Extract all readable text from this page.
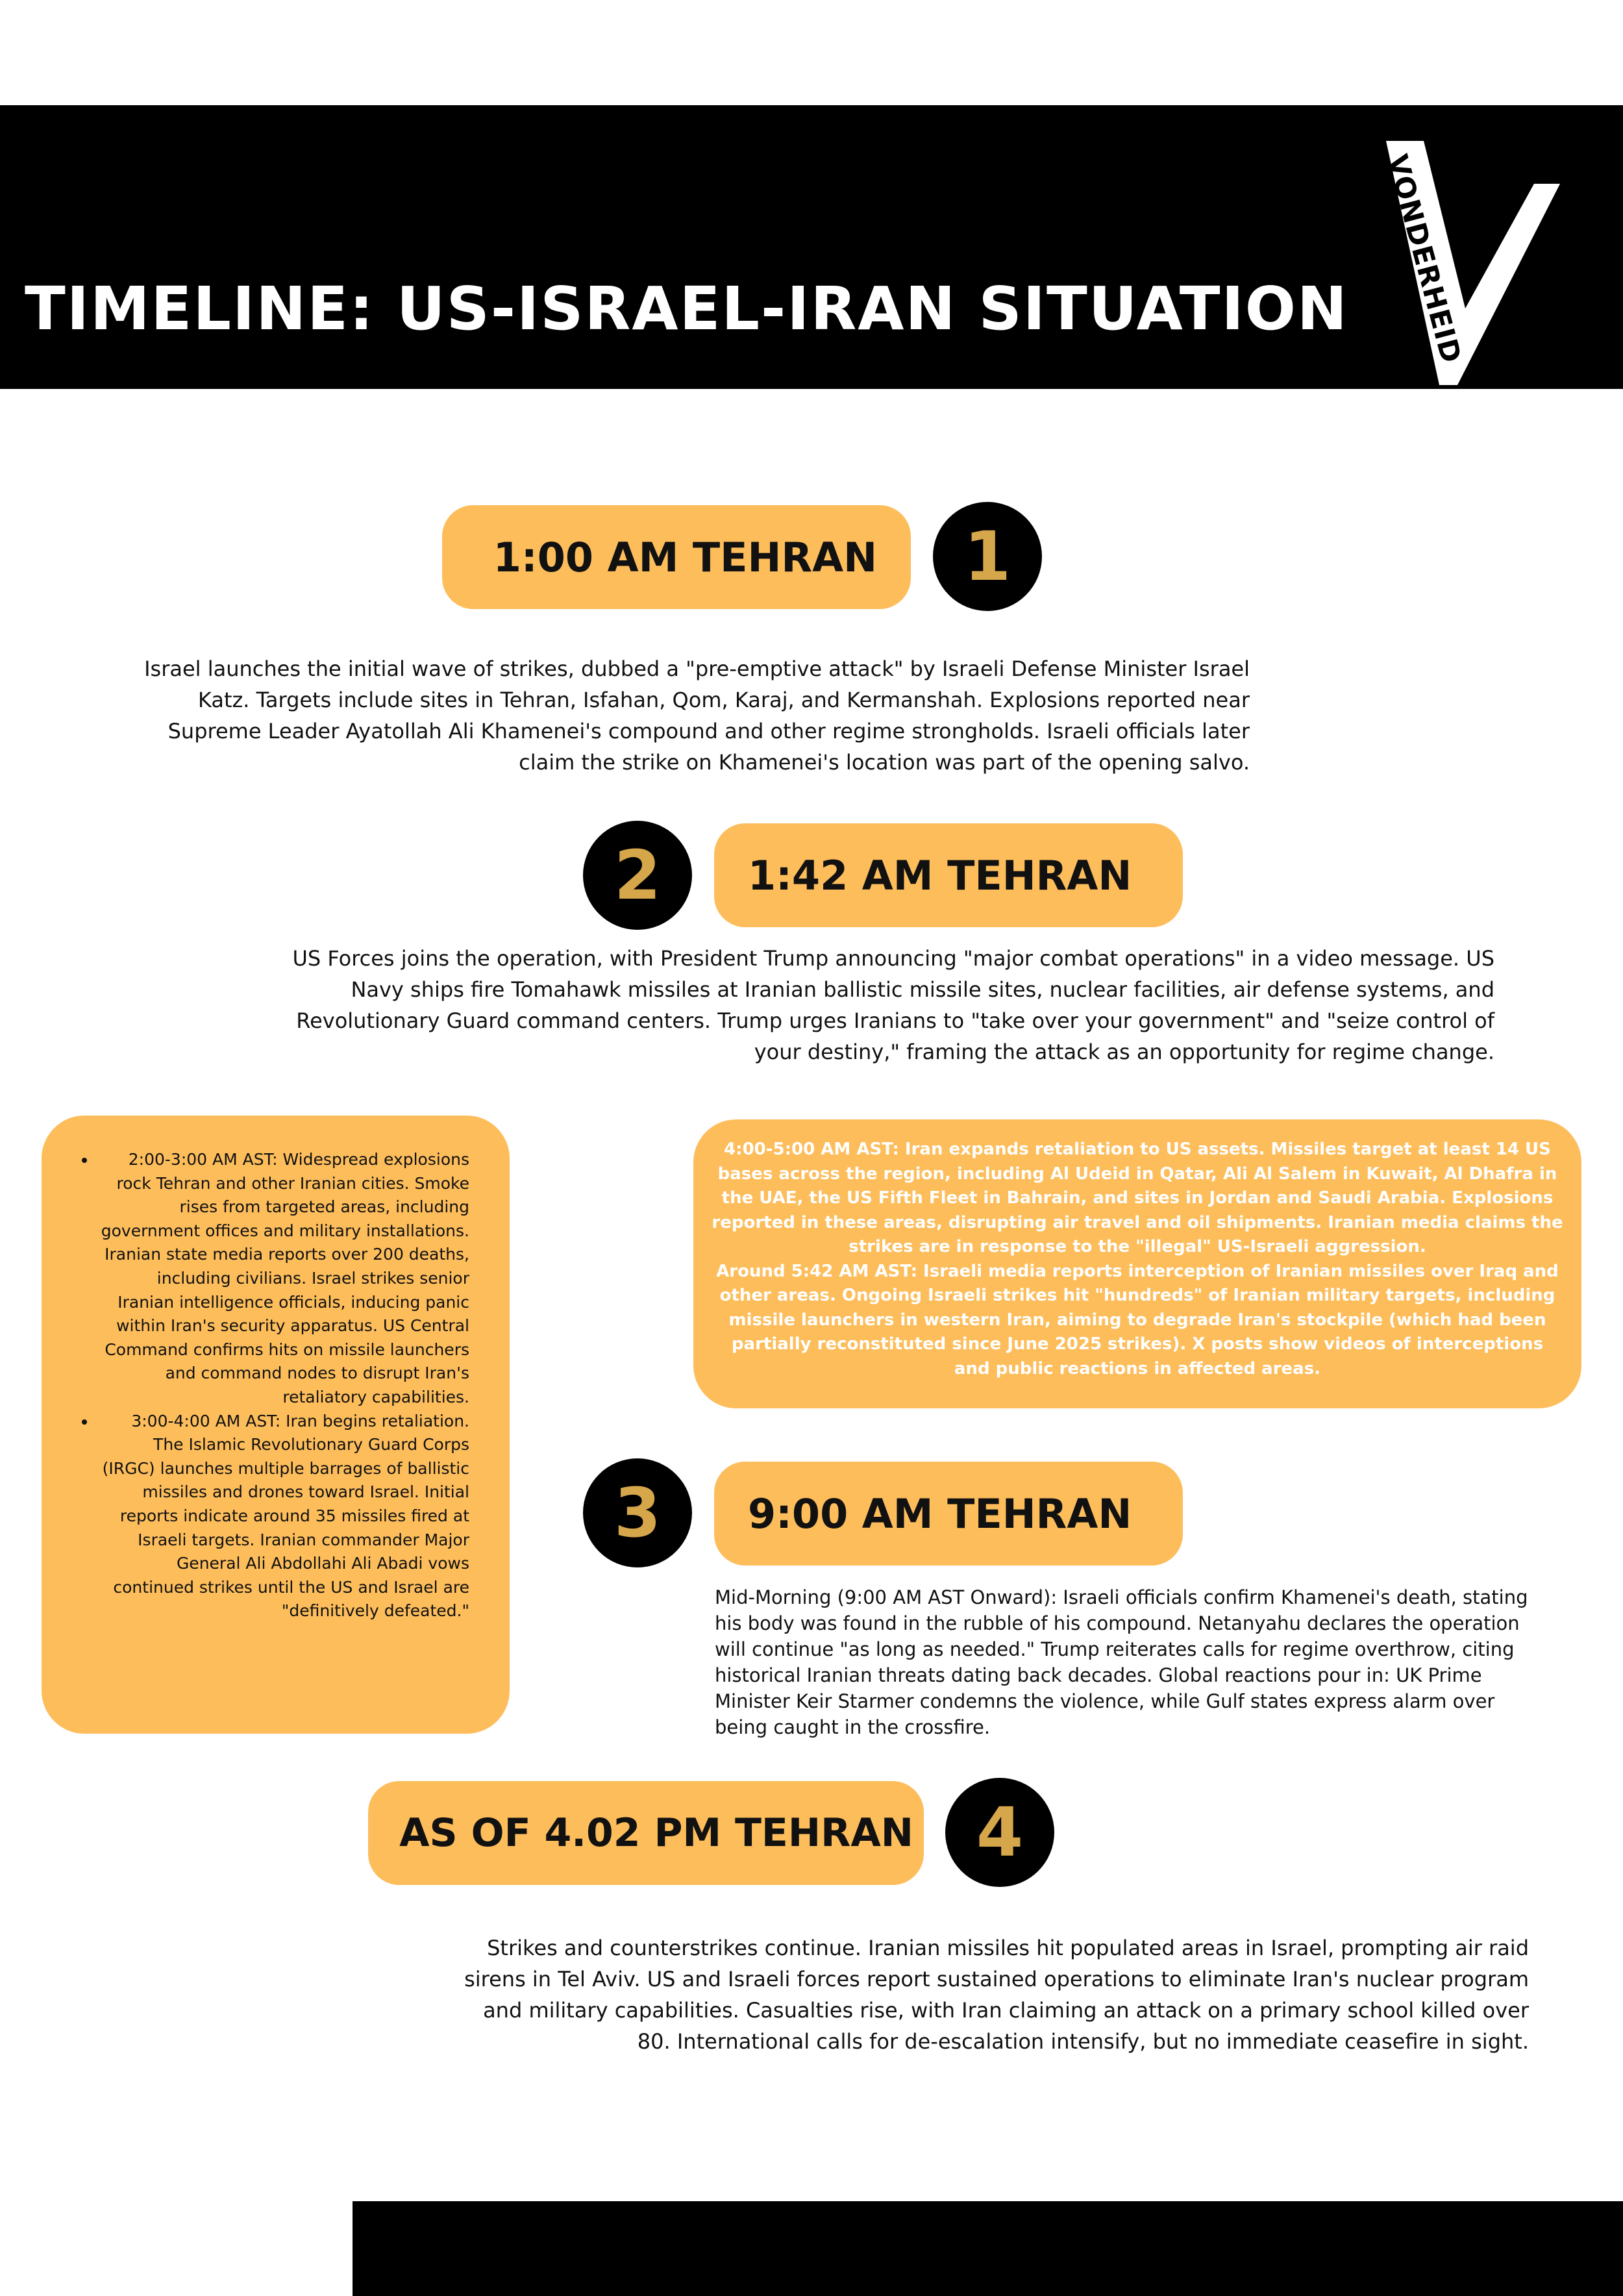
TIMELINE: US-ISRAEL-IRAN SITUATION VONDERHEID
1:00 AM TEHRAN 1

Israel launches the initial wave of strikes, dubbed a "pre-emptive attack" by Israeli Defense Minister Israel Katz. Targets include sites in Tehran, Isfahan, Qom, Karaj, and Kermanshah. Explosions reported near Supreme Leader Ayatollah Ali Khamenei's compound and other regime strongholds. Israeli officials later claim the strike on Khamenei's location was part of the opening salvo.

2 1:42 AM TEHRAN

US Forces joins the operation, with President Trump announcing "major combat operations" in a video message. US Navy ships fire Tomahawk missiles at Iranian ballistic missile sites, nuclear facilities, air defense systems, and Revolutionary Guard command centers. Trump urges Iranians to "take over your government" and "seize control of your destiny," framing the attack as an opportunity for regime change.

• 2:00-3:00 AM AST: Widespread explosions rock Tehran and other Iranian cities. Smoke rises from targeted areas, including government offices and military installations. Iranian state media reports over 200 deaths, including civilians. Israel strikes senior Iranian intelligence officials, inducing panic within Iran's security apparatus. US Central Command confirms hits on missile launchers and command nodes to disrupt Iran's retaliatory capabilities.
• 3:00-4:00 AM AST: Iran begins retaliation. The Islamic Revolutionary Guard Corps (IRGC) launches multiple barrages of ballistic missiles and drones toward Israel. Initial reports indicate around 35 missiles fired at Israeli targets. Iranian commander Major General Ali Abdollahi Ali Abadi vows continued strikes until the US and Israel are "definitively defeated."

4:00-5:00 AM AST: Iran expands retaliation to US assets. Missiles target at least 14 US bases across the region, including Al Udeid in Qatar, Ali Al Salem in Kuwait, Al Dhafra in the UAE, the US Fifth Fleet in Bahrain, and sites in Jordan and Saudi Arabia. Explosions reported in these areas, disrupting air travel and oil shipments. Iranian media claims the strikes are in response to the "illegal" US-Israeli aggression.

Around 5:42 AM AST: Israeli media reports interception of Iranian missiles over Iraq and other areas. Ongoing Israeli strikes hit "hundreds" of Iranian military targets, including missile launchers in western Iran, aiming to degrade Iran's stockpile (which had been partially reconstituted since June 2025 strikes). X posts show videos of interceptions and public reactions in affected areas.

3 9:00 AM TEHRAN

Mid-Morning (9:00 AM AST Onward): Israeli officials confirm Khamenei's death, stating his body was found in the rubble of his compound. Netanyahu declares the operation will continue "as long as needed." Trump reiterates calls for regime overthrow, citing historical Iranian threats dating back decades. Global reactions pour in: UK Prime Minister Keir Starmer condemns the violence, while Gulf states express alarm over being caught in the crossfire.

AS OF 4.02 PM TEHRAN 4

Strikes and counterstrikes continue. Iranian missiles hit populated areas in Israel, prompting air raid sirens in Tel Aviv. US and Israeli forces report sustained operations to eliminate Iran's nuclear program and military capabilities. Casualties rise, with Iran claiming an attack on a primary school killed over 80. International calls for de-escalation intensify, but no immediate ceasefire in sight.
